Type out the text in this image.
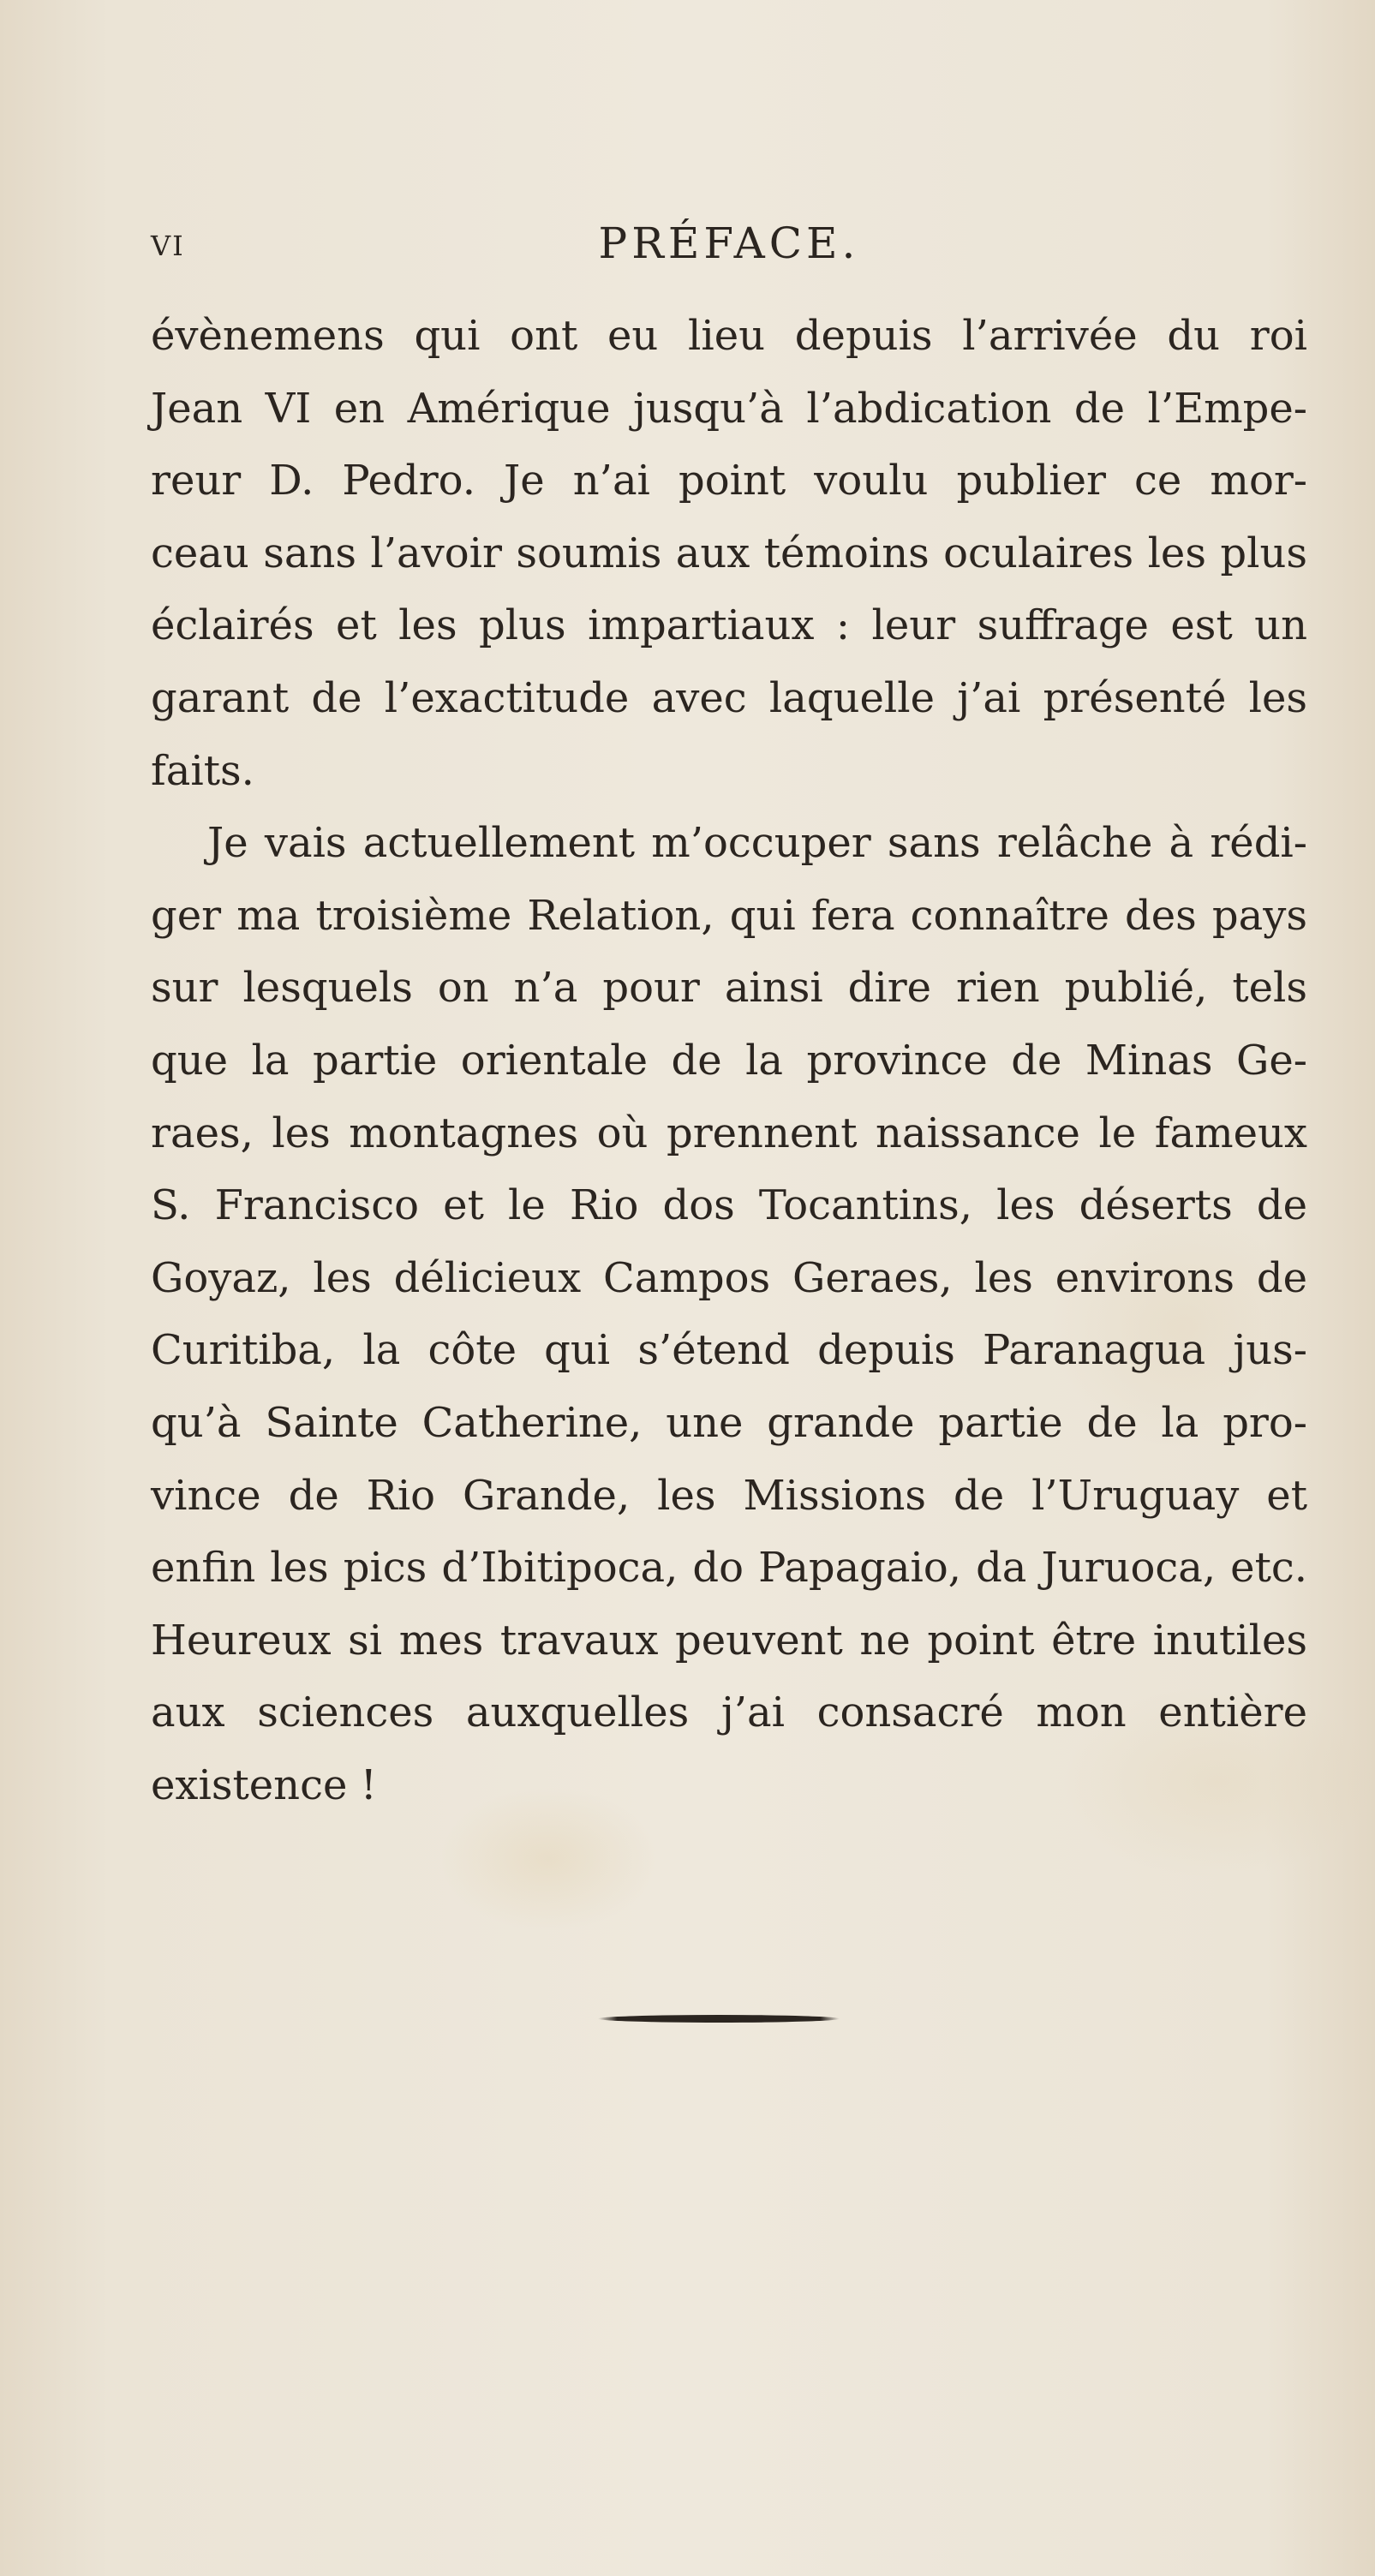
vi	PRÉFACE.
évènemens qui ont eu lieu depuis l’arrivée du roi
Jean VI en Amérique jusqu’à l’abdication de l’Empe-
reur D. Pedro. Je n’ai point voulu publier ce mor-
ceau sans l’avoir soumis aux témoins oculaires les plus
éclairés et les plus impartiaux : leur suffrage est un
garant de l’exactitude avec laquelle j’ai présenté les
faits.
Je vais actuellement m’occuper sans relâche à rédi-
ger ma troisième Relation, qui fera connaître des pays
sur lesquels on n’a pour ainsi dire rien publié, tels
que la partie orientale de la province de Minas Ge-
raes, les montagnes où prennent naissance le fameux
S. Francisco et le Rio dos Tocantins, les déserts de
Goyaz, les délicieux Campos Geraes, les environs de
Curitiba, la côte qui s’étend depuis Paranagua jus-
qu’à Sainte Catherine, une grande partie de la pro-
vince de Rio Grande, les Missions de l’Uruguay et
enfin les pics d’Ibitipoca, do Papagaio, da Juruoca, etc.
Heureux si mes travaux peuvent ne point être inutiles
aux sciences auxquelles j’ai consacré mon entière
existence !
